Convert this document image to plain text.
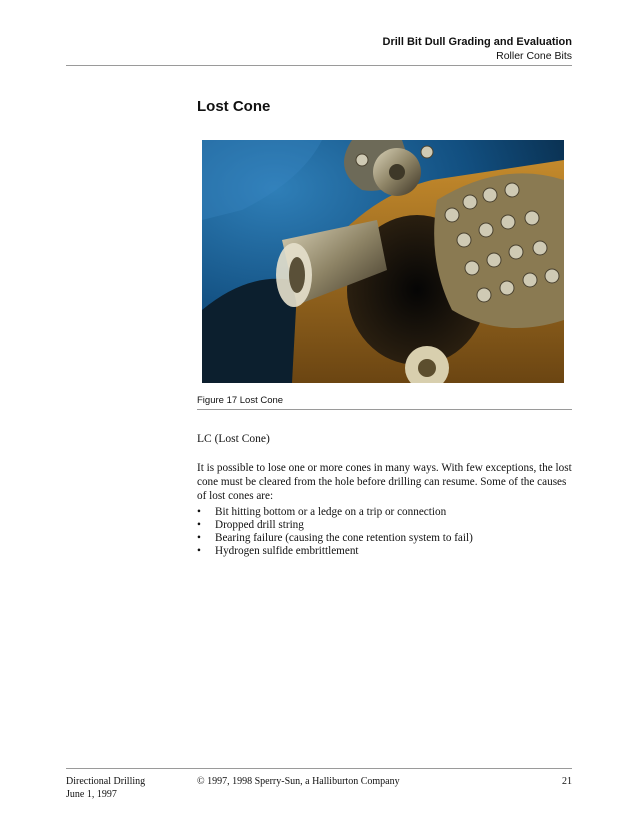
Drill Bit Dull Grading and Evaluation
Roller Cone Bits
Lost Cone
Figure 17 Lost Cone
LC (Lost Cone)

It is possible to lose one or more cones in many ways. With few exceptions, the lost cone must be cleared from the hole before drilling can resume. Some of the causes of lost cones are:

•	Bit hitting bottom or a ledge on a trip or connection
•	Dropped drill string
•	Bearing failure (causing the cone retention system to fail)
•	Hydrogen sulfide embrittlement
Directional Drilling
June 1, 1997
© 1997, 1998 Sperry-Sun, a Halliburton Company	21
